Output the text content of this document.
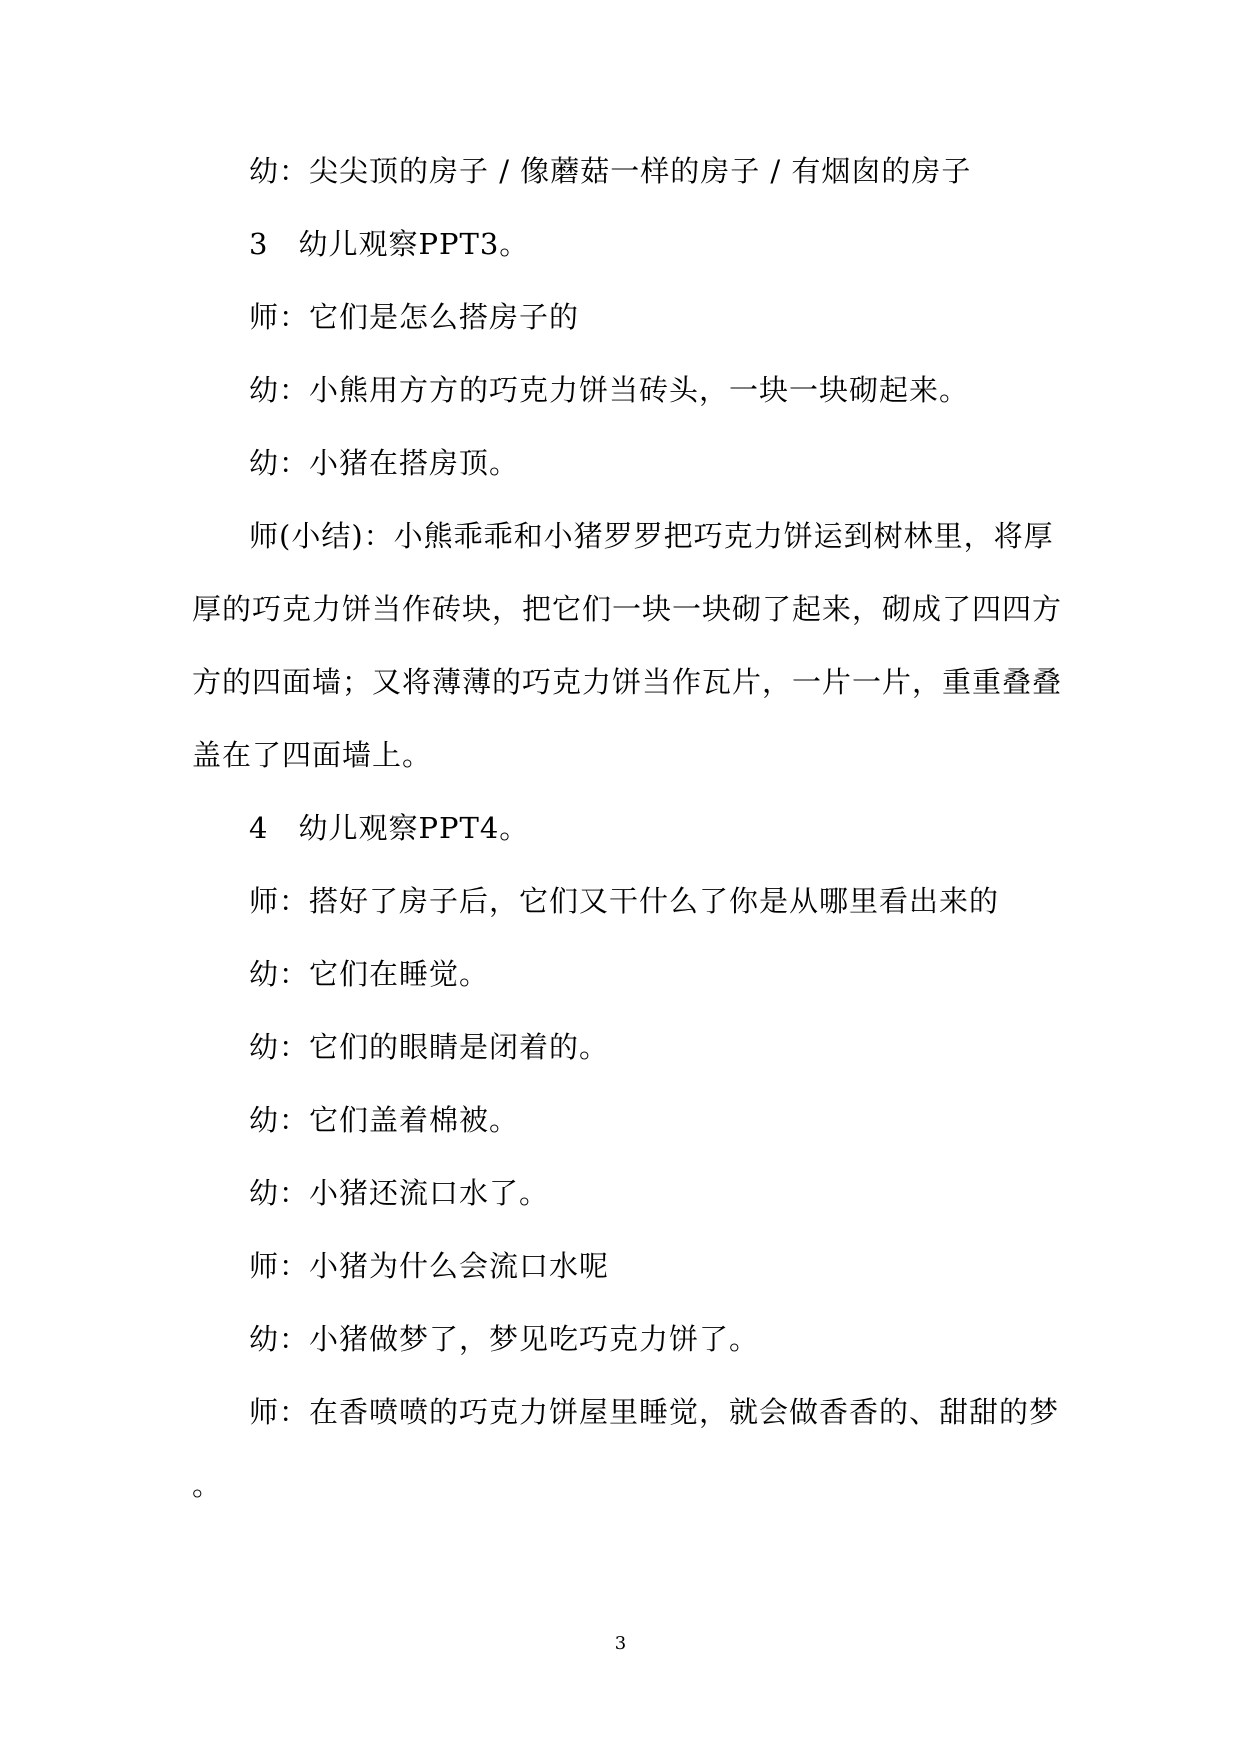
幼：尖尖顶的房子 / 像蘑菇一样的房子 / 有烟囱的房子
3　幼儿观察PPT3。
师：它们是怎么搭房子的
幼：小熊用方方的巧克力饼当砖头，一块一块砌起来。
幼：小猪在搭房顶。
师(小结)：小熊乖乖和小猪罗罗把巧克力饼运到树林里，将厚
厚的巧克力饼当作砖块，把它们一块一块砌了起来，砌成了四四方
方的四面墙；又将薄薄的巧克力饼当作瓦片，一片一片，重重叠叠
盖在了四面墙上。
4　幼儿观察PPT4。
师：搭好了房子后，它们又干什么了你是从哪里看出来的
幼：它们在睡觉。
幼：它们的眼睛是闭着的。
幼：它们盖着棉被。
幼：小猪还流口水了。
师：小猪为什么会流口水呢
幼：小猪做梦了，梦见吃巧克力饼了。
师：在香喷喷的巧克力饼屋里睡觉，就会做香香的、甜甜的梦
。
3
